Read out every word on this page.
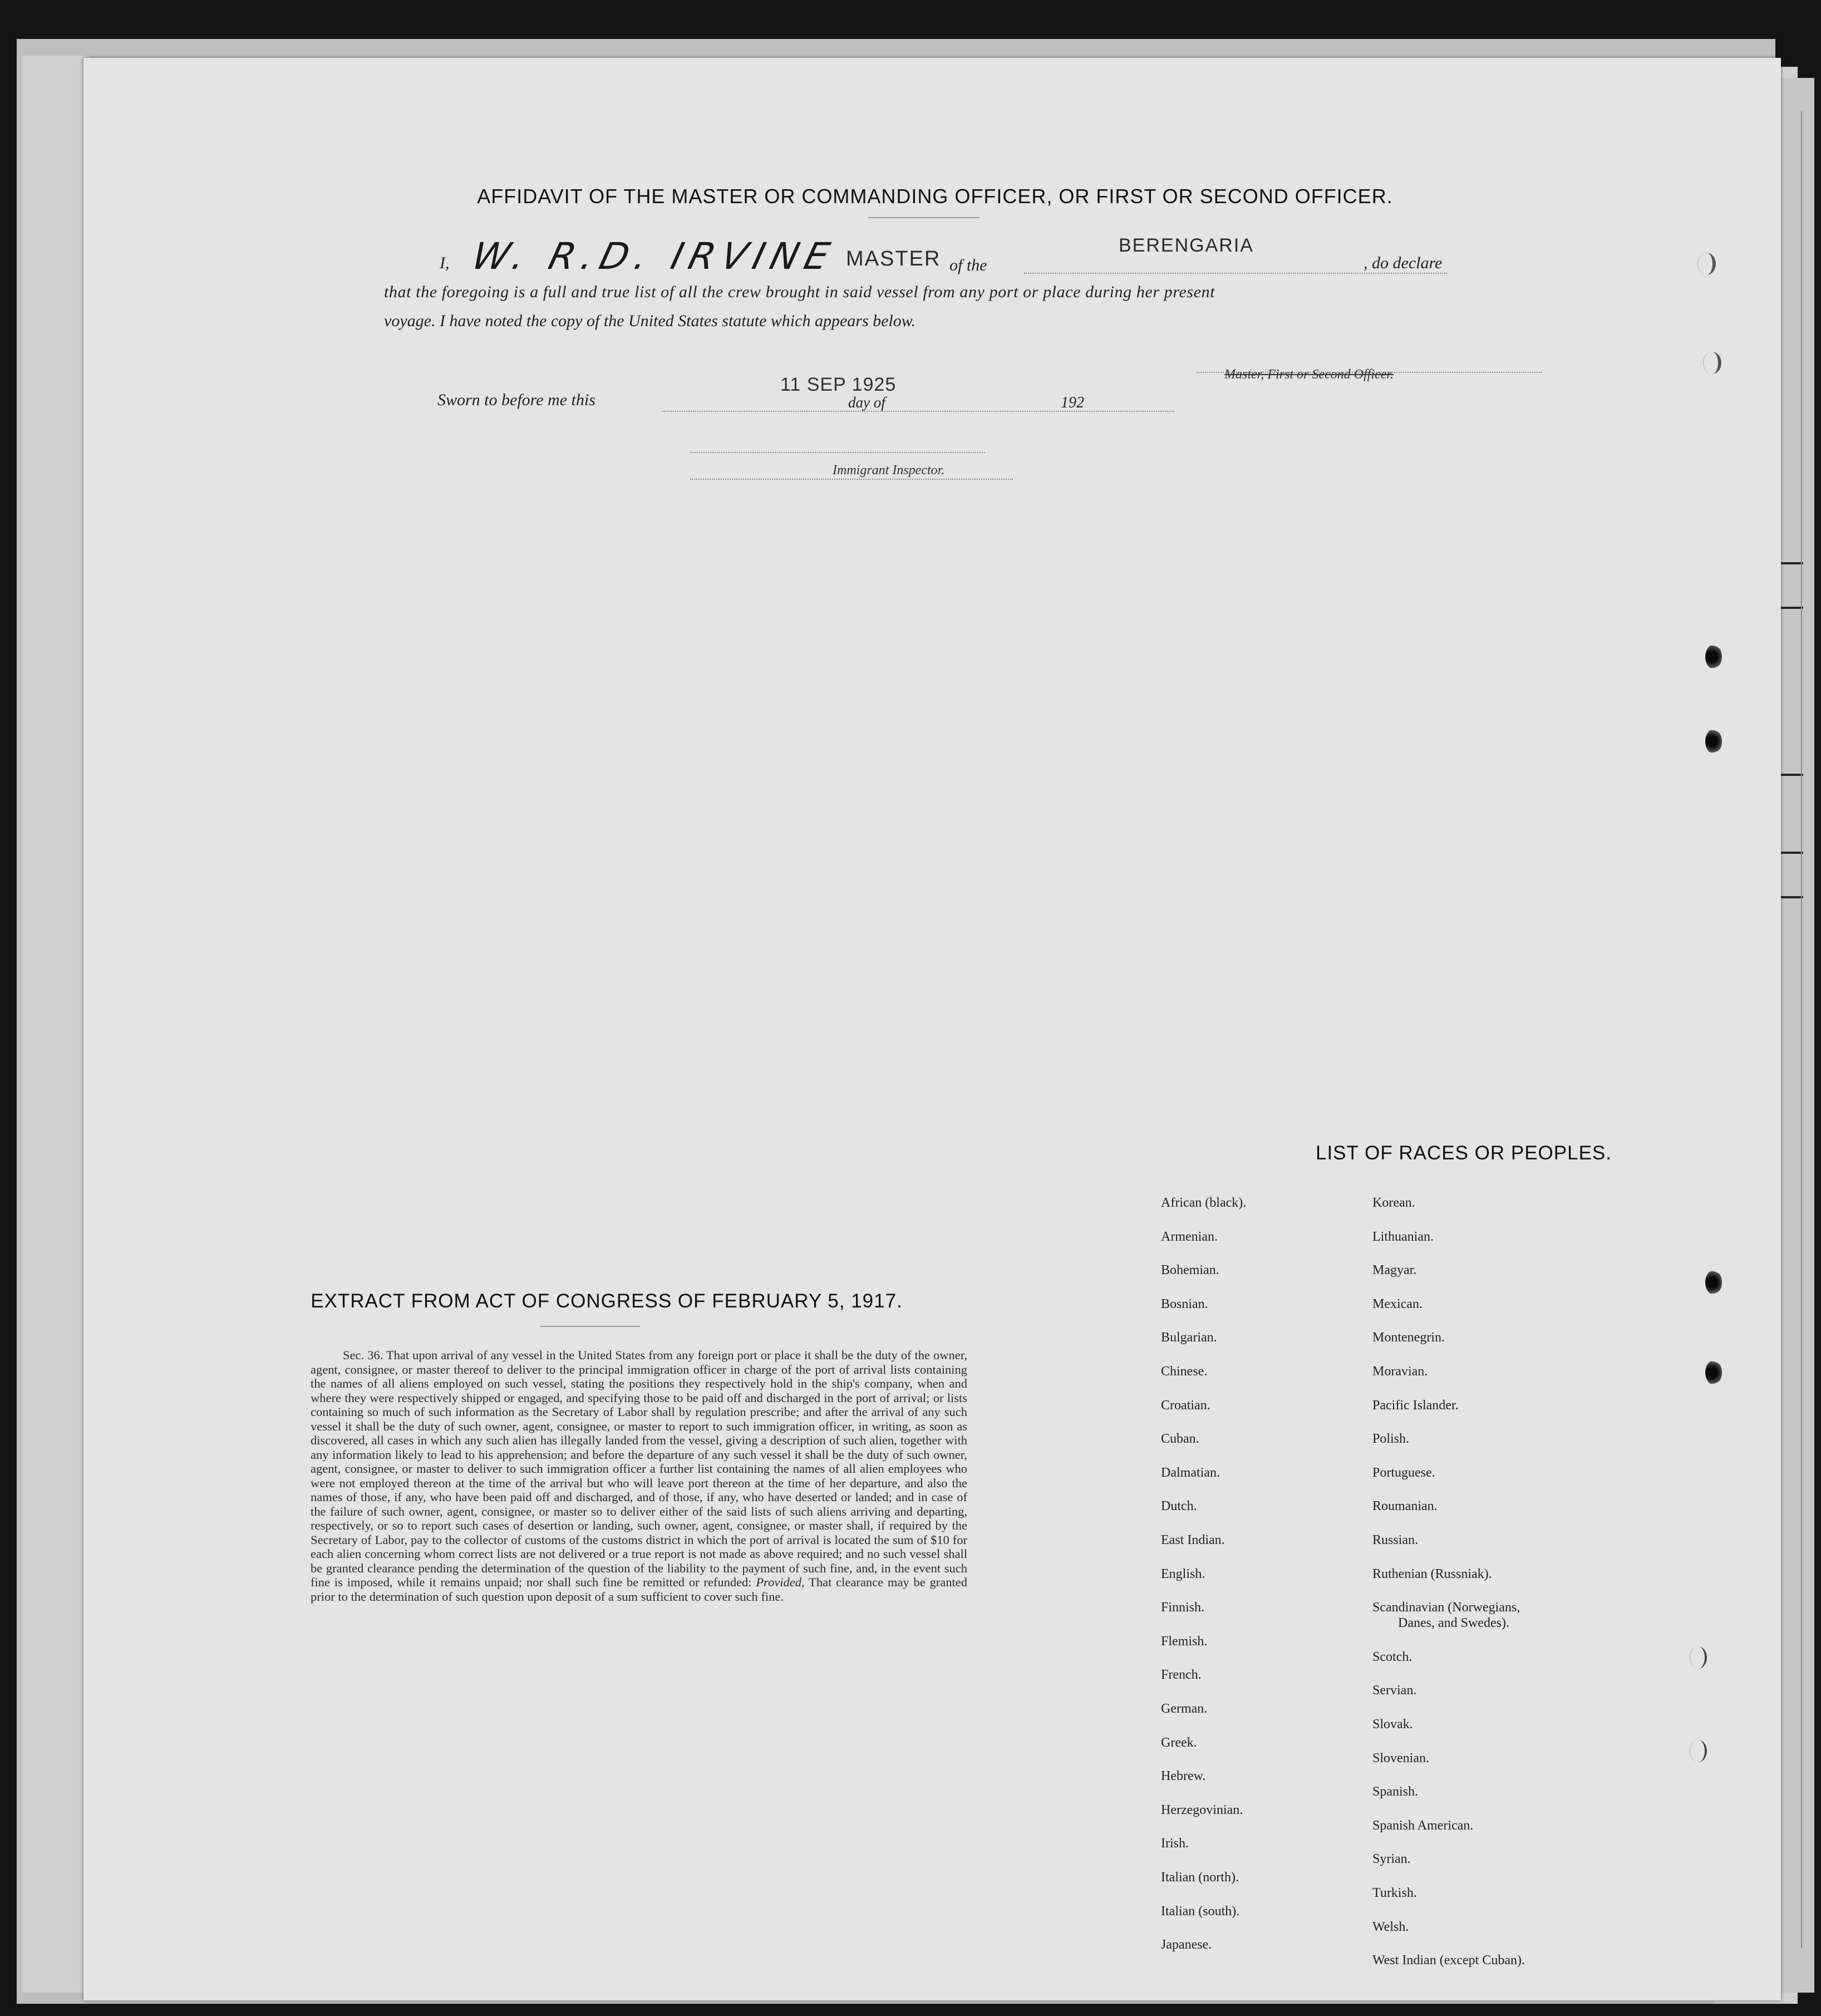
AFFIDAVIT OF THE MASTER OR COMMANDING OFFICER, OR FIRST OR SECOND OFFICER.
I, W. R.D. IRVINE MASTER of the
BERENGARIA
, do declare
that the foregoing is a full and true list of all the crew brought in said vessel from any port or place during her present
voyage. I have noted the copy of the United States statute which appears below.
Master, First or Second Officer.
Sworn to before me this
11 SEP 1925
day of	192
Immigrant Inspector.
LIST OF RACES OR PEOPLES.
African (black).
Armenian.
Bohemian.
Bosnian.
Bulgarian.
Chinese.
Croatian.
Cuban.
Dalmatian.
Dutch.
East Indian.
English.
Finnish.
Flemish.
French.
German.
Greek.
Hebrew.
Herzegovinian.
Irish.
Italian (north).
Italian (south).
Japanese.
Korean.
Lithuanian.
Magyar.
Mexican.
Montenegrin.
Moravian.
Pacific Islander.
Polish.
Portuguese.
Roumanian.
Russian.
Ruthenian (Russniak).
Scandinavian (Norwegians,
Danes, and Swedes).
Scotch.
Servian.
Slovak.
Slovenian.
Spanish.
Spanish American.
Syrian.
Turkish.
Welsh.
West Indian (except Cuban).
EXTRACT FROM ACT OF CONGRESS OF FEBRUARY 5, 1917.
Sec. 36. That upon arrival of any vessel in the United States from any foreign port or place it shall be the duty of the owner, agent, consignee, or master thereof to deliver to the principal immigration officer in charge of the port of arrival lists containing the names of all aliens employed on such vessel, stating the positions they respectively hold in the ship's company, when and where they were respectively shipped or engaged, and specifying those to be paid off and discharged in the port of arrival; or lists containing so much of such information as the Secretary of Labor shall by regulation prescribe; and after the arrival of any such vessel it shall be the duty of such owner, agent, consignee, or master to report to such immigration officer, in writing, as soon as discovered, all cases in which any such alien has illegally landed from the vessel, giving a description of such alien, together with any information likely to lead to his apprehension; and before the departure of any such vessel it shall be the duty of such owner, agent, consignee, or master to deliver to such immigration officer a further list containing the names of all alien employees who were not employed thereon at the time of the arrival but who will leave port thereon at the time of her departure, and also the names of those, if any, who have been paid off and discharged, and of those, if any, who have deserted or landed; and in case of the failure of such owner, agent, consignee, or master so to deliver either of the said lists of such aliens arriving and departing, respectively, or so to report such cases of desertion or landing, such owner, agent, consignee, or master shall, if required by the Secretary of Labor, pay to the collector of customs of the customs district in which the port of arrival is located the sum of $10 for each alien concerning whom correct lists are not delivered or a true report is not made as above required; and no such vessel shall be granted clearance pending the determination of the question of the liability to the payment of such fine, and, in the event such fine is imposed, while it remains unpaid; nor shall such fine be remitted or refunded: Provided, That clearance may be granted prior to the determination of such question upon deposit of a sum sufficient to cover such fine.
